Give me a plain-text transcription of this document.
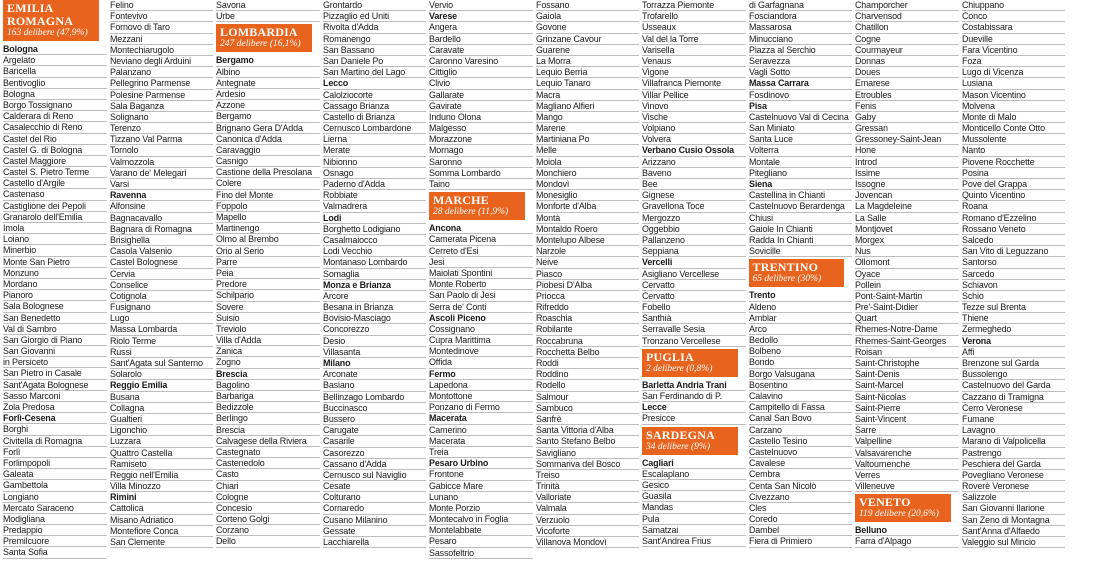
EMILIA ROMAGNA
163 delibere (47,9%)
Bologna
Argelato
Baricella
Bentivoglio
Bologna
Borgo Tossignano
Calderara di Reno
Casalecchio di Reno
Castel del Rio
Castel G. di Bologna
Castel Maggiore
Castel S. Pietro Terme
Castello d'Argile
Castenaso
Castiglione dei Pepoli
Granarolo dell'Emilia
Imola
Loiano
Minerbio
Monte San Pietro
Monzuno
Mordano
Pianoro
Sala Bolognese
San Benedetto
Val di Sambro
San Giorgio di Piano
San Giovanni
in Persiceto
San Pietro in Casale
Sant'Agata Bolognese
Sasso Marconi
Zola Predosa
Forlì-Cesena
Borghi
Civitella di Romagna
Forlì
Forlimpopoli
Galeata
Gambettola
Longiano
Mercato Saraceno
Modigliana
Predappio
Premilcuore
Santa Sofia
Felino
Fontevivo
Fornovo di Taro
Mezzani
Montechiarugolo
Neviano degli Arduini
Palanzano
Pellegrino Parmense
Polesine Parmense
Sala Baganza
Solignano
Terenzo
Tizzano Val Parma
Tornolo
Valmozzola
Varano de' Melegari
Varsi
Ravenna
Alfonsine
Bagnacavallo
Bagnara di Romagna
Brisighella
Casola Valsenio
Castel Bolognese
Cervia
Conselice
Cotignola
Fusignano
Lugo
Massa Lombarda
Riolo Terme
Russi
Sant'Agata sul Santerno
Solarolo
Reggio Emilia
Busana
Collagna
Gualtieri
Ligonchio
Luzzara
Quattro Castella
Ramiseto
Reggio nell'Emilia
Villa Minozzo
Rimini
Cattolica
Misano Adriatico
Montefiore Conca
San Clemente
Savona
Urbe
LOMBARDIA
247 delibere (16,1%)
Bergamo
Albino
Antegnate
Ardesio
Azzone
Bergamo
Brignano Gera D'Adda
Canonica d'Adda
Caravaggio
Casnigo
Castione della Presolana
Colere
Fino del Monte
Foppolo
Mapello
Martinengo
Olmo al Brembo
Orio al Serio
Parre
Peia
Predore
Schilpario
Sovere
Suisio
Treviolo
Villa d'Adda
Zanica
Zogno
Brescia
Bagolino
Barbariga
Bedizzole
Berlingo
Brescia
Calvagese della Riviera
Castegnato
Castenedolo
Casto
Chiari
Cologne
Concesio
Corteno Golgi
Corzano
Dello
Grontardo
Pizzaglio ed Uniti
Rivolta d'Adda
Romanengo
San Bassano
San Daniele Po
San Martino del Lago
Lecco
Calolziocorte
Cassago Brianza
Castello di Brianza
Cernusco Lombardone
Lierna
Merate
Nibionno
Osnago
Paderno d'Adda
Robbiate
Valmadrera
Lodi
Borghetto Lodigiano
Casalmaiocco
Lodi Vecchio
Montanaso Lombardo
Somaglia
Monza e Brianza
Arcore
Besana in Brianza
Bovisio-Masciago
Concorezzo
Desio
Villasanta
Milano
Arconate
Basiano
Bellinzago Lombardo
Buccinasco
Bussero
Carugate
Casarile
Casorezzo
Cassano d'Adda
Cernusco sul Naviglio
Cesate
Colturano
Cornaredo
Cusano Milanino
Gessate
Lacchiarella
Vervio
Varese
Angera
Bardello
Caravate
Caronno Varesino
Cittiglio
Clivio
Gallarate
Gavirate
Induno Olona
Malgesso
Morazzone
Mornago
Saronno
Somma Lombardo
Taino
MARCHE
28 delibere (11,9%)
Ancona
Camerata Picena
Cerreto d'Esi
Jesi
Maiolati Spontini
Monte Roberto
San Paolo di Jesi
Serra de' Conti
Ascoli Piceno
Cossignano
Cupra Marittima
Montedinove
Offida
Fermo
Lapedona
Montottone
Ponzano di Fermo
Macerata
Camerino
Macerata
Treia
Pesaro Urbino
Frontone
Gabicce Mare
Lunano
Monte Porzio
Montecalvo in Foglia
Montelabbate
Pesaro
Sassofeltrio
Fossano
Gaiola
Govone
Grinzane Cavour
Guarene
La Morra
Lequio Berria
Lequio Tanaro
Macra
Magliano Alfieri
Mango
Marene
Martiniana Po
Melle
Moiola
Monchiero
Mondovì
Monesiglio
Monforte d'Alba
Montà
Montaldo Roero
Montelupo Albese
Narzole
Neive
Piasco
Piobesi D'Alba
Priocca
Rifreddo
Roaschia
Robilante
Roccabruna
Rocchetta Belbo
Roddi
Roddino
Rodello
Salmour
Sambuco
Sanfrè
Santa Vittoria d'Alba
Santo Stefano Belbo
Savigliano
Sommariva del Bosco
Treiso
Trinità
Valloriate
Valmala
Verzuolo
Vicoforte
Villanova Mondovì
Torrazza Piemonte
Trofarello
Usseaux
Val del la Torre
Varisella
Venaus
Vigone
Villafranca Piemonte
Villar Pellice
Vinovo
Vische
Volpiano
Volvera
Verbano Cusio Ossola
Arizzano
Baveno
Bee
Gignese
Gravellona Toce
Mergozzo
Oggebbio
Pallanzeno
Seppiana
Vercelli
Asigliano Vercellese
Cervatto
Cervatto
Fobello
Santhià
Serravalle Sesia
Tronzano Vercellese
PUGLIA
2 delibere (0,8%)
Barletta Andria Trani
San Ferdinando di P.
Lecce
Presicce
SARDEGNA
34 delibere (9%)
Cagliari
Escalaplano
Gesico
Guasila
Mandas
Pula
Samatzai
Sant'Andrea Frius
di Garfagnana
Fosciandora
Massarosa
Minucciano
Piazza al Serchio
Seravezza
Vagli Sotto
Massa Carrara
Fosdinovo
Pisa
Castelnuovo Val di Cecina
San Miniato
Santa Luce
Volterra
Montale
Pitegliano
Siena
Castellina in Chianti
Castelnuovo Berardenga
Chiusi
Gaiole In Chianti
Radda In Chianti
Sovicille
TRENTINO
65 delibere (30%)
Trento
Aldeno
Amblar
Arco
Bedollo
Bolbeno
Bondo
Borgo Valsugana
Bosentino
Calavino
Campitello di Fassa
Canal San Bovo
Carzano
Castello Tesino
Castelnuovo
Cavalese
Cembra
Centa San Nicolò
Civezzano
Cles
Coredo
Dambel
Fiera di Primiero
Champorcher
Charvensod
Chatillon
Cogne
Courmayeur
Donnas
Doues
Emarese
Etroubles
Fenis
Gaby
Gressan
Gressoney-Saint-Jean
Hone
Introd
Issime
Issogne
Jovencan
La Magdeleine
La Salle
Montjovet
Morgex
Nus
Ollomont
Oyace
Pollein
Pont-Saint-Martin
Pre'-Saint-Didier
Quart
Rhemes-Notre-Dame
Rhemes-Saint-Georges
Roisan
Saint-Christophe
Saint-Denis
Saint-Marcel
Saint-Nicolas
Saint-Pierre
Saint-Vincent
Sarre
Valpelline
Valsavarenche
Valtournenche
Verres
Villeneuve
VENETO
119 delibere (20,6%)
Belluno
Farra d'Alpago
Chiuppano
Conco
Costabissara
Dueville
Fara Vicentino
Foza
Lugo di Vicenza
Lusiana
Mason Vicentino
Molvena
Monte di Malo
Monticello Conte Otto
Mussolente
Nanto
Piovene Rocchette
Posina
Pove del Grappa
Quinto Vicentino
Roana
Romano d'Ezzelino
Rossano Veneto
Salcedo
San Vito di Leguzzano
Santorso
Sarcedo
Schiavon
Schio
Tezze sul Brenta
Thiene
Zermeghedo
Verona
Affi
Brenzone sul Garda
Bussolengo
Castelnuovo del Garda
Cazzano di Tramigna
Cerro Veronese
Fumane
Lavagno
Marano di Valpolicella
Pastrengo
Peschiera del Garda
Povegliano Veronese
Roverè Veronese
Salizzole
San Giovanni Ilarione
San Zeno di Montagna
Sant'Anna d'Alfaedo
Valeggio sul Mincio
